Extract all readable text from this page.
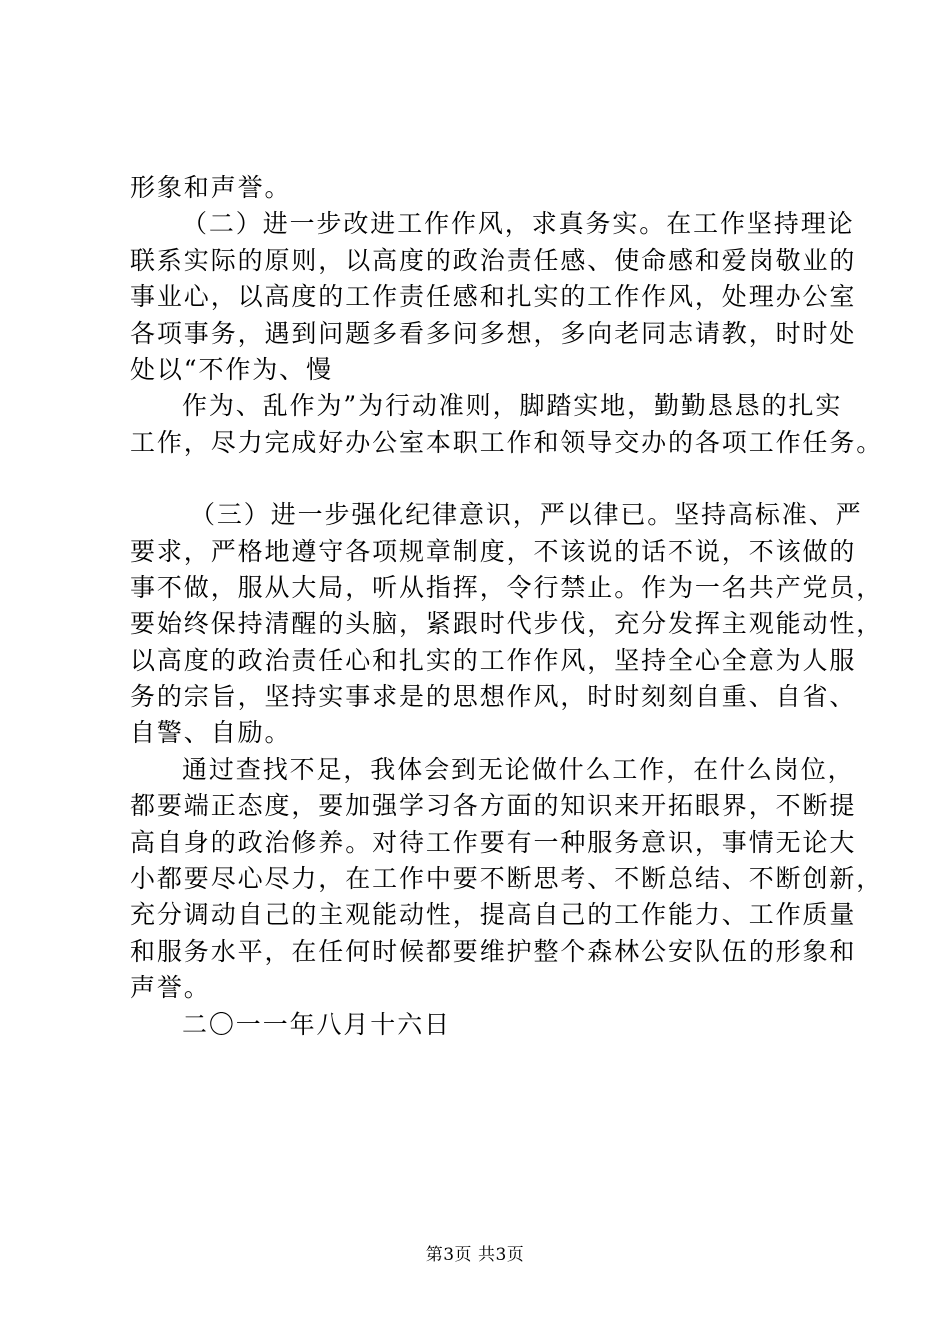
形象和声誉。
（二）进一步改进工作作风，求真务实。在工作坚持理论
联系实际的原则，以高度的政治责任感、使命感和爱岗敬业的
事业心，以高度的工作责任感和扎实的工作作风，处理办公室
各项事务，遇到问题多看多问多想，多向老同志请教，时时处
处以“不作为、慢
作为、乱作为”为行动准则，脚踏实地，勤勤恳恳的扎实
工作，尽力完成好办公室本职工作和领导交办的各项工作任务。
（三）进一步强化纪律意识，严以律已。坚持高标准、严
要求，严格地遵守各项规章制度，不该说的话不说，不该做的
事不做，服从大局，听从指挥，令行禁止。作为一名共产党员，
要始终保持清醒的头脑，紧跟时代步伐，充分发挥主观能动性，
以高度的政治责任心和扎实的工作作风，坚持全心全意为人服
务的宗旨，坚持实事求是的思想作风，时时刻刻自重、自省、
自警、自励。
通过查找不足，我体会到无论做什么工作，在什么岗位，
都要端正态度，要加强学习各方面的知识来开拓眼界，不断提
高自身的政治修养。对待工作要有一种服务意识，事情无论大
小都要尽心尽力，在工作中要不断思考、不断总结、不断创新，
充分调动自己的主观能动性，提高自己的工作能力、工作质量
和服务水平，在任何时候都要维护整个森林公安队伍的形象和
声誉。
二〇一一年八月十六日
第3页 共3页
